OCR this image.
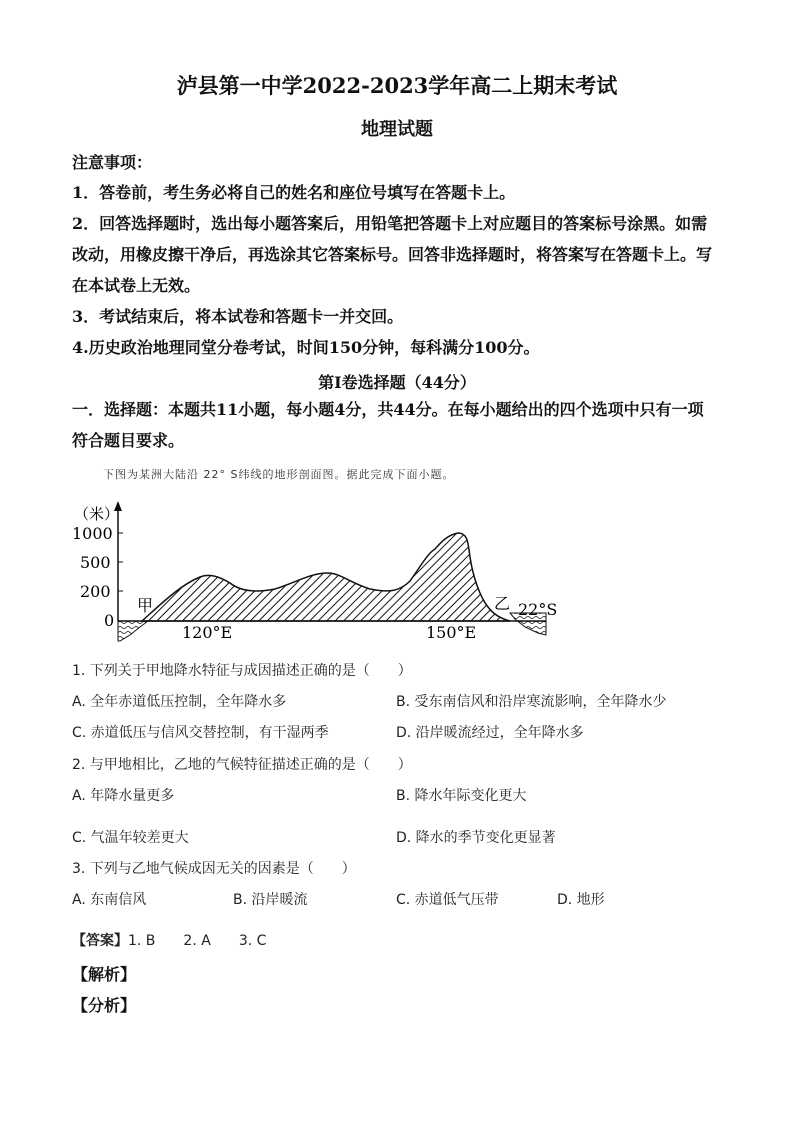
泸县第一中学2022-2023学年高二上期末考试
地理试题
注意事项：
1．答卷前，考生务必将自己的姓名和座位号填写在答题卡上。
2．回答选择题时，选出每小题答案后，用铅笔把答题卡上对应题目的答案标号涂黑。如需
改动，用橡皮擦干净后，再选涂其它答案标号。回答非选择题时，将答案写在答题卡上。写
在本试卷上无效。
3．考试结束后，将本试卷和答题卡一并交回。
4.历史政治地理同堂分卷考试，时间150分钟，每科满分100分。
第I卷选择题（44分）
一．选择题：本题共11小题，每小题4分，共44分。在每小题给出的四个选项中只有一项
符合题目要求。
下图为某洲大陆沿 22° S纬线的地形剖面图。据此完成下面小题。
（米）
1000
500
200
0
甲	乙 22°S
120°E	150°E
1. 下列关于甲地降水特征与成因描述正确的是（　　）
A. 全年赤道低压控制，全年降水多	B. 受东南信风和沿岸寒流影响，全年降水少
C. 赤道低压与信风交替控制，有干湿两季	D. 沿岸暖流经过，全年降水多
2. 与甲地相比，乙地的气候特征描述正确的是（　　）
A. 年降水量更多	B. 降水年际变化更大
C. 气温年较差更大	D. 降水的季节变化更显著
3. 下列与乙地气候成因无关的因素是（　　）
A. 东南信风	B. 沿岸暖流	C. 赤道低气压带	D. 地形
【答案】1. B 2. A 3. C
【解析】
【分析】
